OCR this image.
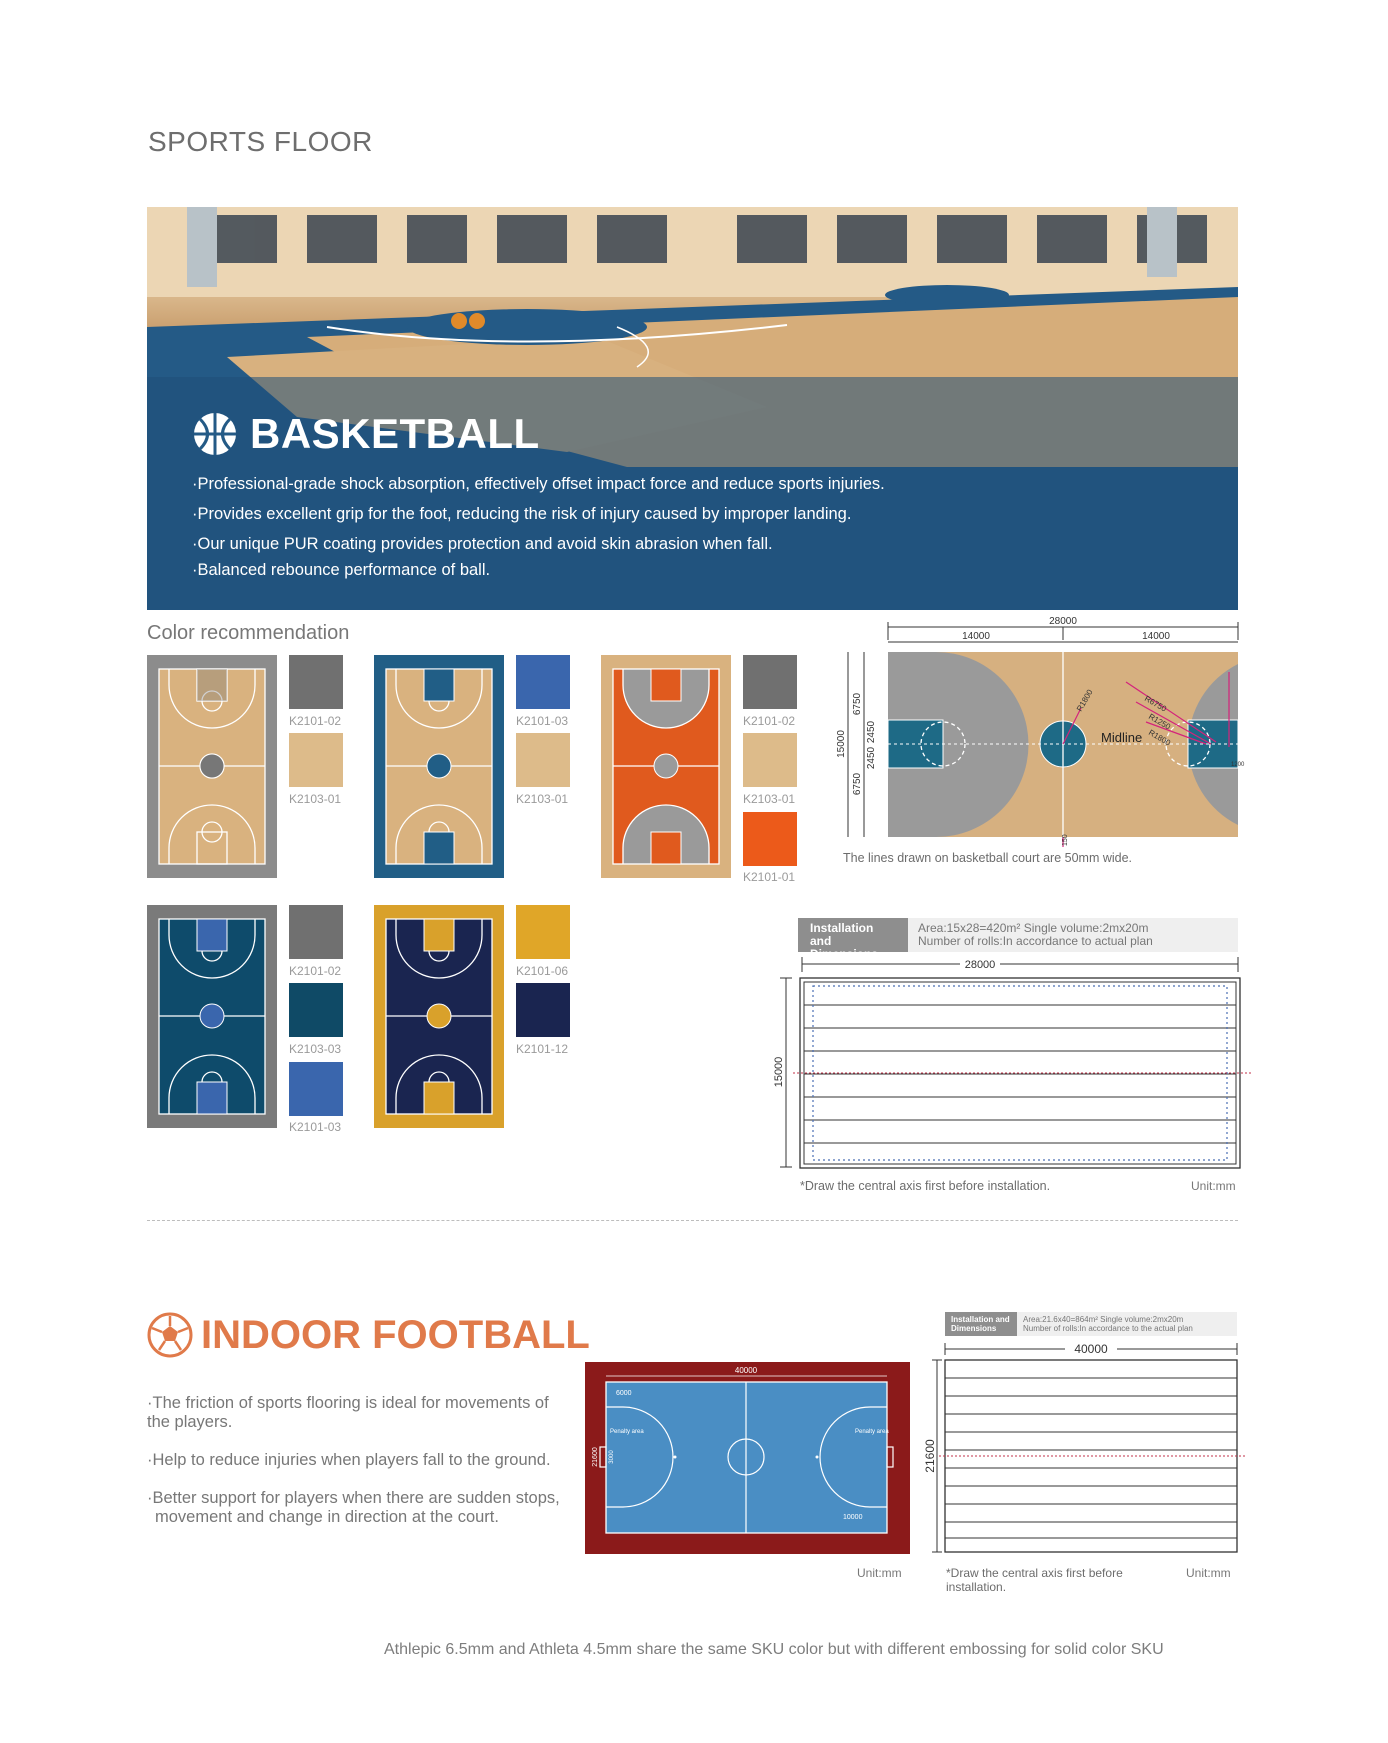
SPORTS FLOOR
BASKETBALL
·Professional-grade shock absorption, effectively offset impact force and reduce sports injuries.
·Provides excellent grip for the foot, reducing the risk of injury caused by improper landing.
·Our unique PUR coating provides protection and avoid skin abrasion when fall.
·Balanced rebounce performance of ball.
Color recommendation
K2101-02
K2103-01
K2101-03
K2103-01
K2101-02
K2103-01
K2101-01
K2101-02
K2103-03
K2101-03
K2101-06
K2101-12
28000
14000	14000
15000
6750
2450
2450
6750
Midline
R1800	R6750
R1250
R1800
150
1200
The lines drawn on basketball court are 50mm wide.
Installation and Dimensions
Area:15x28=420m² Single volume:2mx20m
Number of rolls:In accordance to actual plan
28000
15000
*Draw the central axis first before installation.	Unit:mm
INDOOR FOOTBALL

·The friction of sports flooring is ideal for movements of the players.

·Help to reduce injuries when players fall to the ground.

·Better support for players when there are sudden stops,

movement and change in direction at the court.

40000
21600
6000
3000
Penalty area	Penalty area
10000
Unit:mm
Installation and Dimensions
Area:21.6x40=864m² Single volume:2mx20m
Number of rolls:In accordance to the actual plan
40000
21600
*Draw the central axis first before installation.
Unit:mm
Athlepic 6.5mm and Athleta 4.5mm share the same SKU color but with different embossing for solid color SKU
